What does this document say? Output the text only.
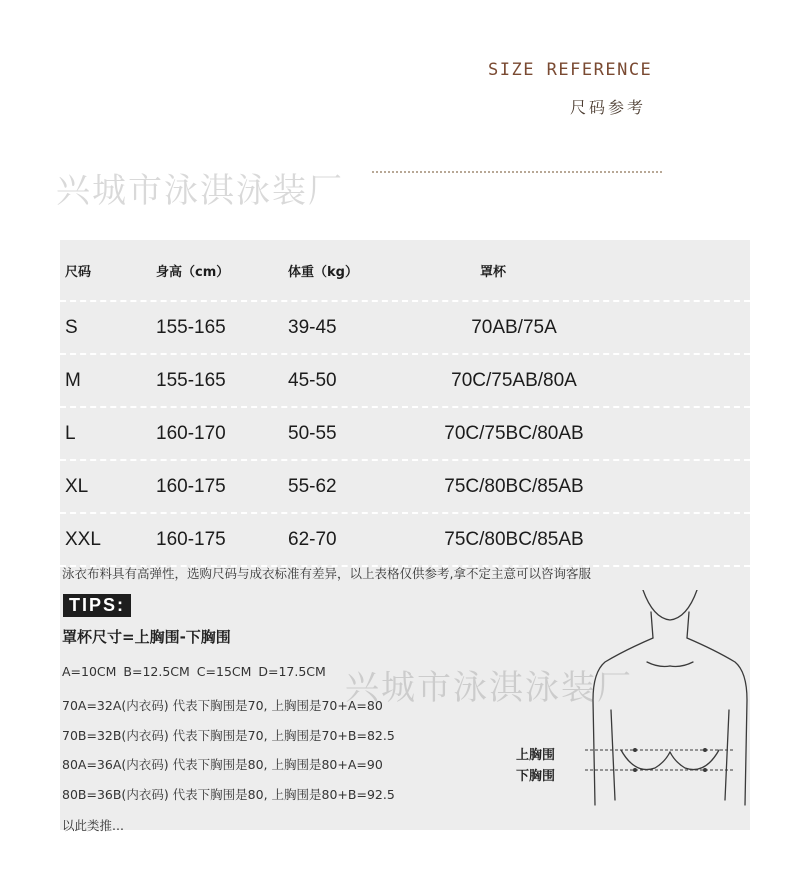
SIZE REFERENCE
尺码参考
兴城市泳淇泳装厂
尺码	身高（cm）	体重（kg）	罩杯
S	155-165	39-45	70AB/75A
M	155-165	45-50	70C/75AB/80A
L	160-170	50-55	70C/75BC/80AB
XL	160-175	55-62	75C/80BC/85AB
XXL	160-175	62-70	75C/80BC/85AB
泳衣布料具有高弹性，选购尺码与成衣标准有差异，以上表格仅供参考,拿不定主意可以咨询客服
TIPS:
罩杯尺寸=上胸围-下胸围
A=10CM B=12.5CM C=15CM D=17.5CM
70A=32A(内衣码) 代表下胸围是70, 上胸围是70+A=80
70B=32B(内衣码) 代表下胸围是70, 上胸围是70+B=82.5
80A=36A(内衣码) 代表下胸围是80, 上胸围是80+A=90
80B=36B(内衣码) 代表下胸围是80, 上胸围是80+B=92.5
以此类推...
上胸围
下胸围
兴城市泳淇泳装厂
